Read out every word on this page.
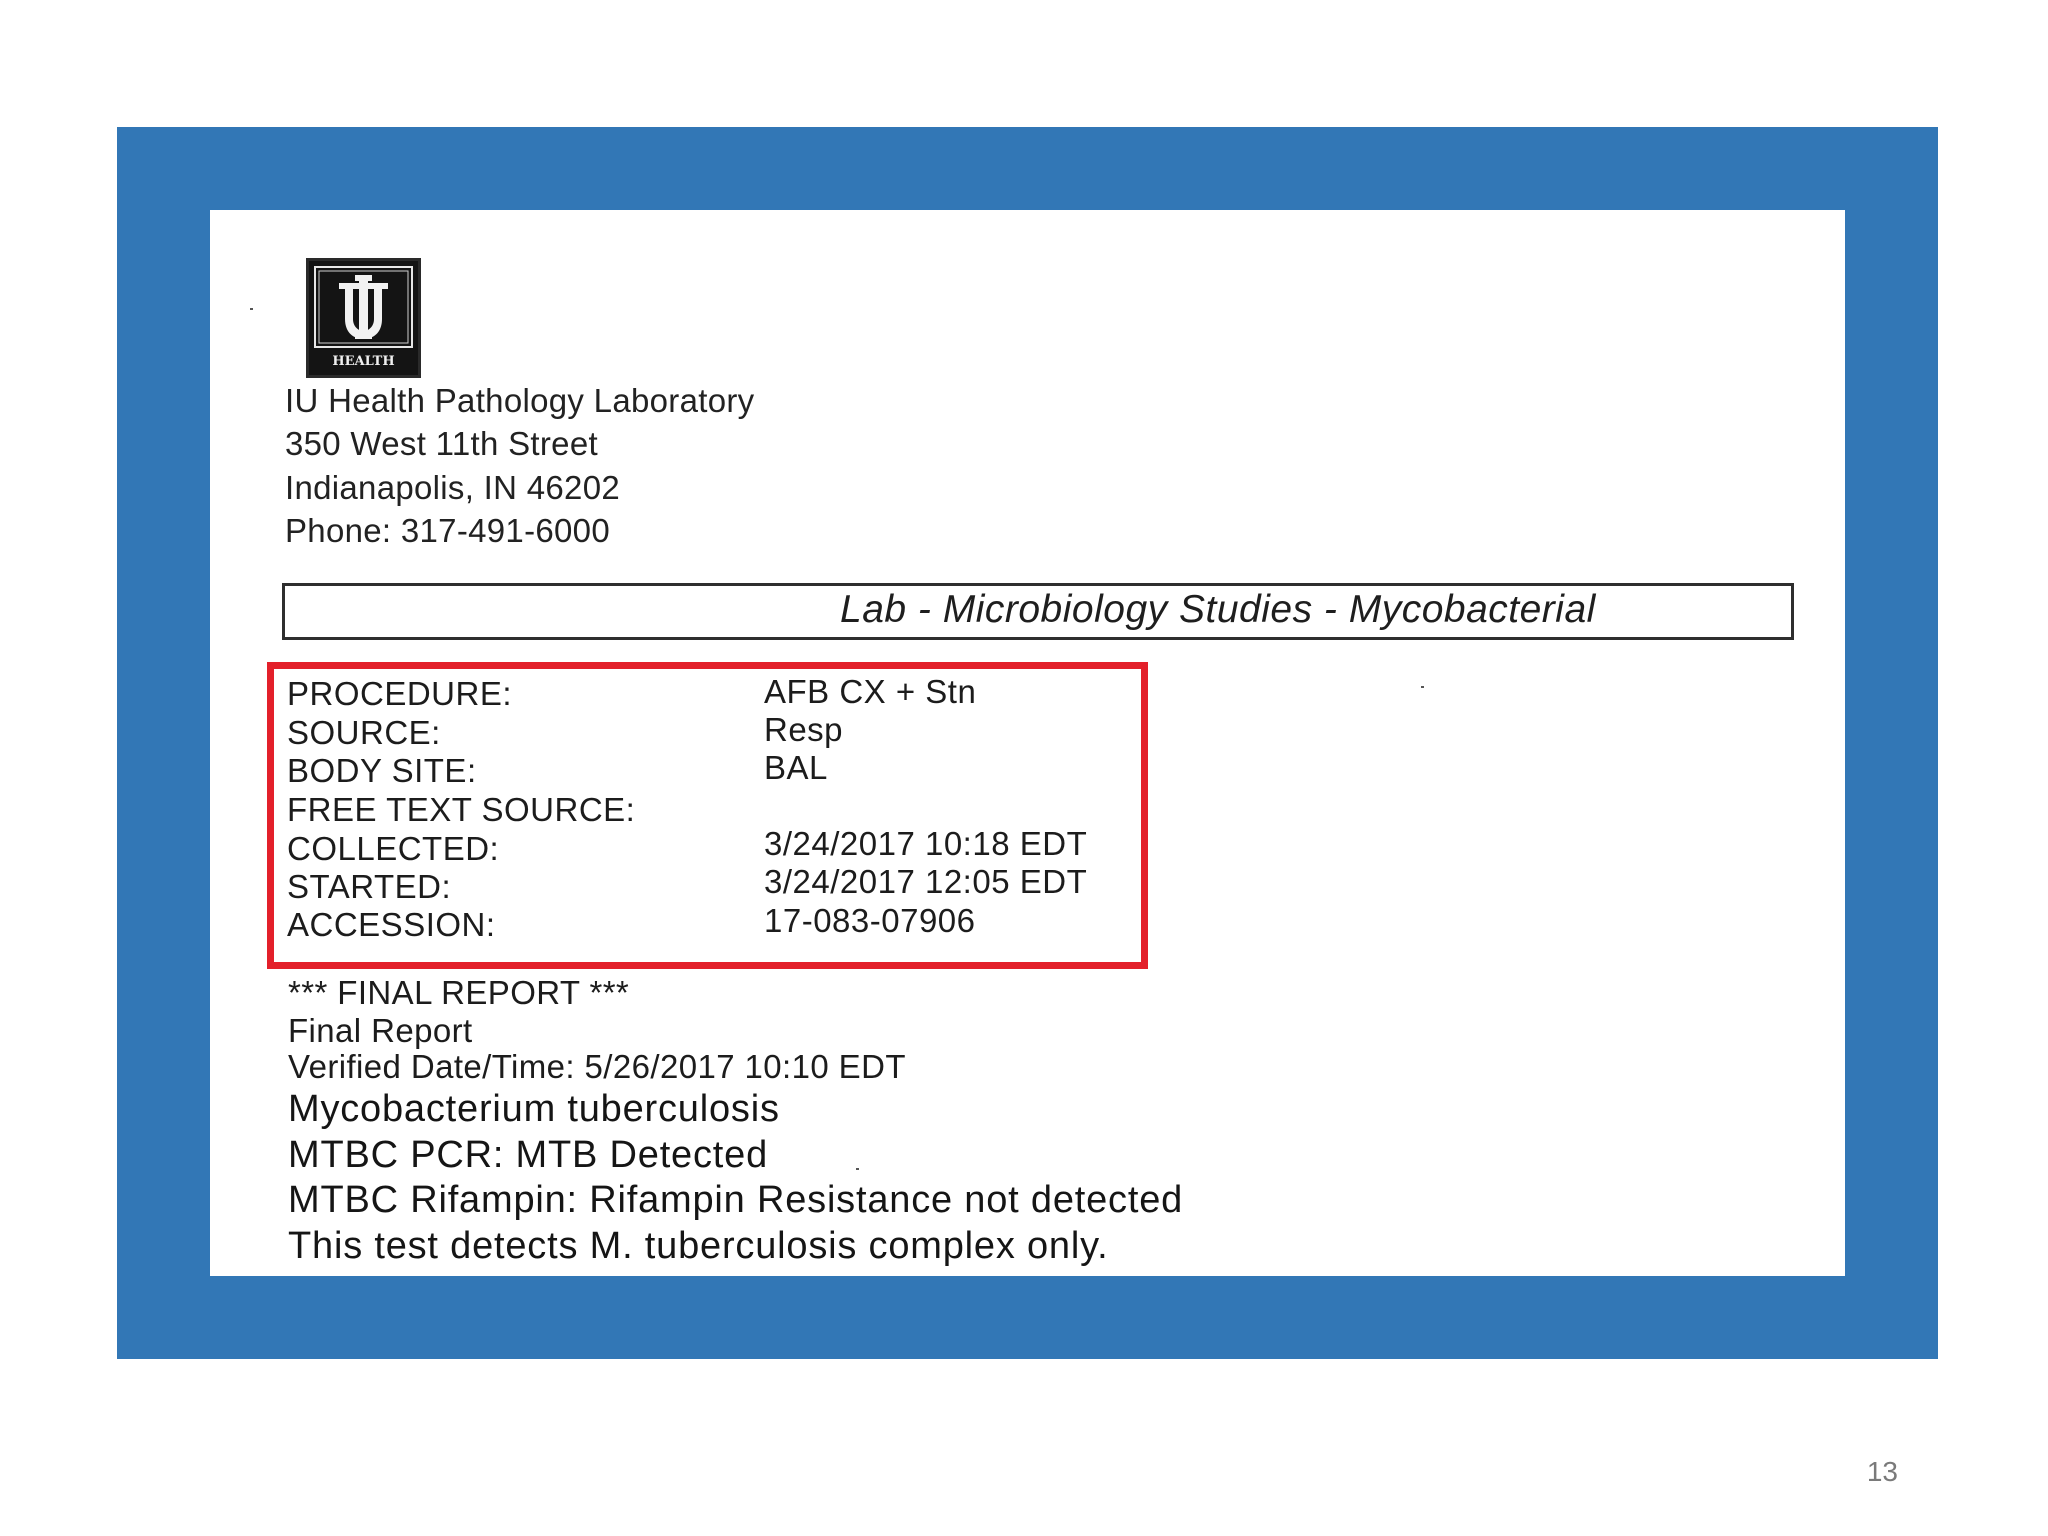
HEALTH
IU Health Pathology Laboratory
350 West 11th Street
Indianapolis, IN 46202
Phone: 317-491-6000
Lab - Microbiology Studies - Mycobacterial
PROCEDURE:	AFB CX + Stn
SOURCE:	Resp
BODY SITE:	BAL
FREE TEXT SOURCE:
COLLECTED:	3/24/2017 10:18 EDT
STARTED:	3/24/2017 12:05 EDT
ACCESSION:	17-083-07906
*** FINAL REPORT ***
Final Report
Verified Date/Time: 5/26/2017 10:10 EDT
Mycobacterium tuberculosis
MTBC PCR: MTB Detected
MTBC Rifampin: Rifampin Resistance not detected
This test detects M. tuberculosis complex only.
13
